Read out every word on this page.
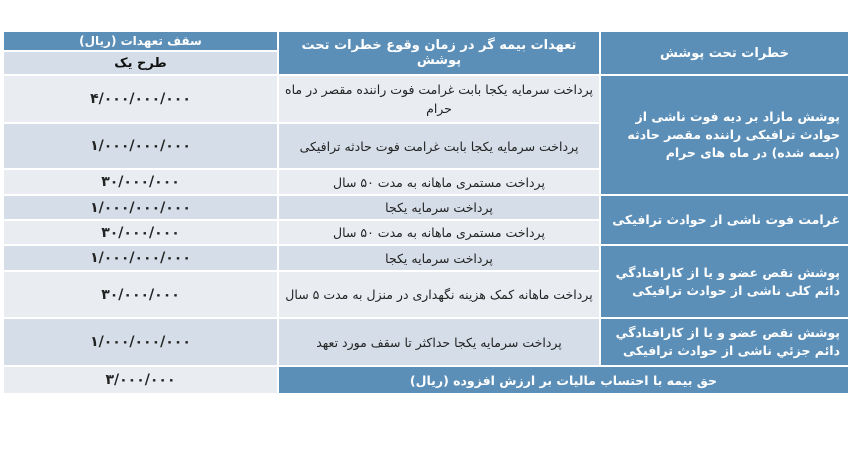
خطرات تحت پوشش	تعهدات بیمه گر در زمان وقوع خطرات تحت پوشش	سقف تعهدات (ریال)
		طرح یک
پوشش مازاد بر دیه فوت ناشی از حوادث ترافیکی راننده مقصر حادثه (بیمه شده) در ماه های حرام	پرداخت سرمایه یکجا بابت غرامت فوت راننده مقصر در ماه حرام	۴/۰۰۰/۰۰۰/۰۰۰
	پرداخت سرمایه یکجا بابت غرامت فوت حادثه ترافیکی	۱/۰۰۰/۰۰۰/۰۰۰
	پرداخت مستمری ماهانه به مدت ۵۰ سال	۳۰/۰۰۰/۰۰۰
غرامت فوت ناشی از حوادث ترافیکی	پرداخت سرمایه یکجا	۱/۰۰۰/۰۰۰/۰۰۰
	پرداخت مستمری ماهانه به مدت ۵۰ سال	۳۰/۰۰۰/۰۰۰
پوشش نقص عضو و یا از کارافتادگي دائم کلی ناشی از حوادث ترافیکی	پرداخت سرمایه یکجا	۱/۰۰۰/۰۰۰/۰۰۰
	پرداخت ماهانه کمک هزینه نگهداری در منزل به مدت ۵ سال	۳۰/۰۰۰/۰۰۰
پوشش نقص عضو و یا از کارافتادگي دائم جزئي ناشی از حوادث ترافیکی	پرداخت سرمایه یکجا حداکثر تا سقف مورد تعهد	۱/۰۰۰/۰۰۰/۰۰۰
حق بیمه با احتساب مالیات بر ارزش افزوده (ریال)		۳/۰۰۰/۰۰۰
